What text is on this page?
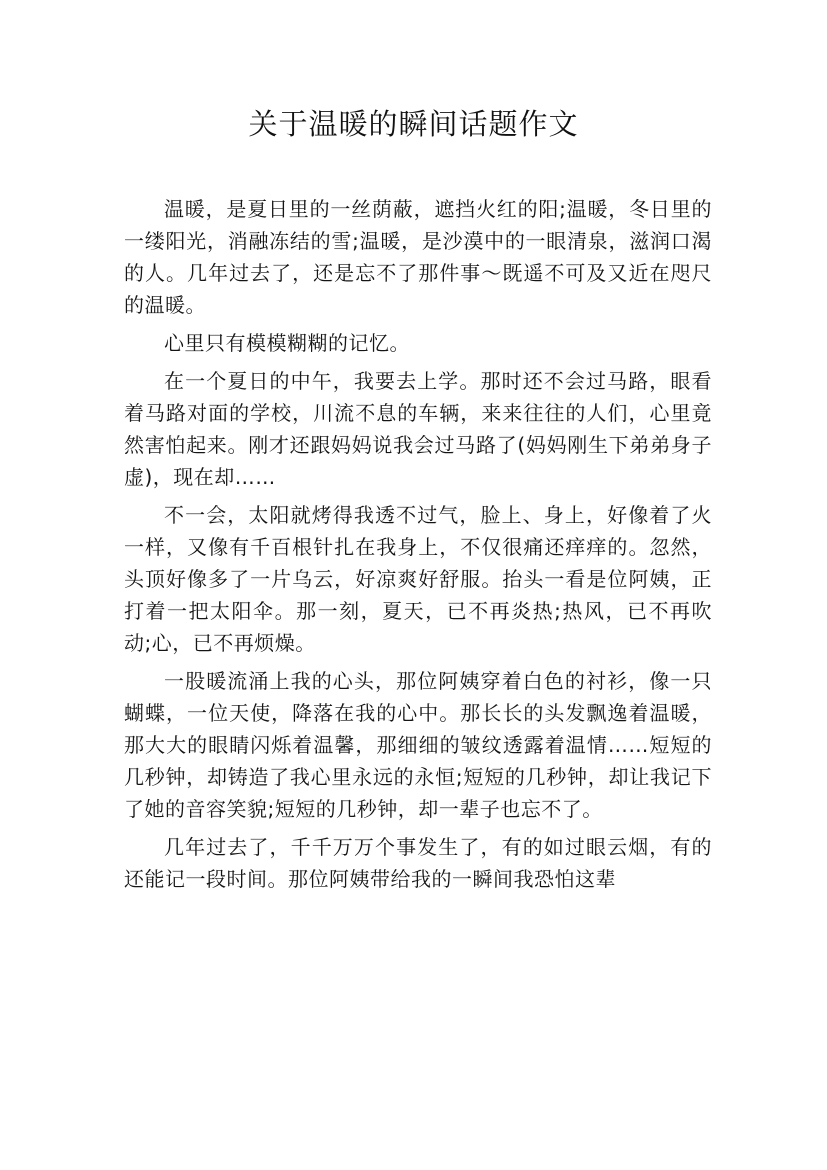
关于温暖的瞬间话题作文

温暖，是夏日里的一丝荫蔽，遮挡火红的阳;温暖，冬日里的一缕阳光，消融冻结的雪;温暖，是沙漠中的一眼清泉，滋润口渴的人。几年过去了，还是忘不了那件事～既遥不可及又近在咫尺的温暖。

心里只有模模糊糊的记忆。

在一个夏日的中午，我要去上学。那时还不会过马路，眼看着马路对面的学校，川流不息的车辆，来来往往的人们，心里竟然害怕起来。刚才还跟妈妈说我会过马路了(妈妈刚生下弟弟身子虚)，现在却……

不一会，太阳就烤得我透不过气，脸上、身上，好像着了火一样，又像有千百根针扎在我身上，不仅很痛还痒痒的。忽然，头顶好像多了一片乌云，好凉爽好舒服。抬头一看是位阿姨，正打着一把太阳伞。那一刻，夏天，已不再炎热;热风，已不再吹动;心，已不再烦燥。

一股暖流涌上我的心头，那位阿姨穿着白色的衬衫，像一只蝴蝶，一位天使，降落在我的心中。那长长的头发飘逸着温暖，那大大的眼睛闪烁着温馨，那细细的皱纹透露着温情……短短的几秒钟，却铸造了我心里永远的永恒;短短的几秒钟，却让我记下了她的音容笑貌;短短的几秒钟，却一辈子也忘不了。

几年过去了，千千万万个事发生了，有的如过眼云烟，有的还能记一段时间。那位阿姨带给我的一瞬间我恐怕这辈
